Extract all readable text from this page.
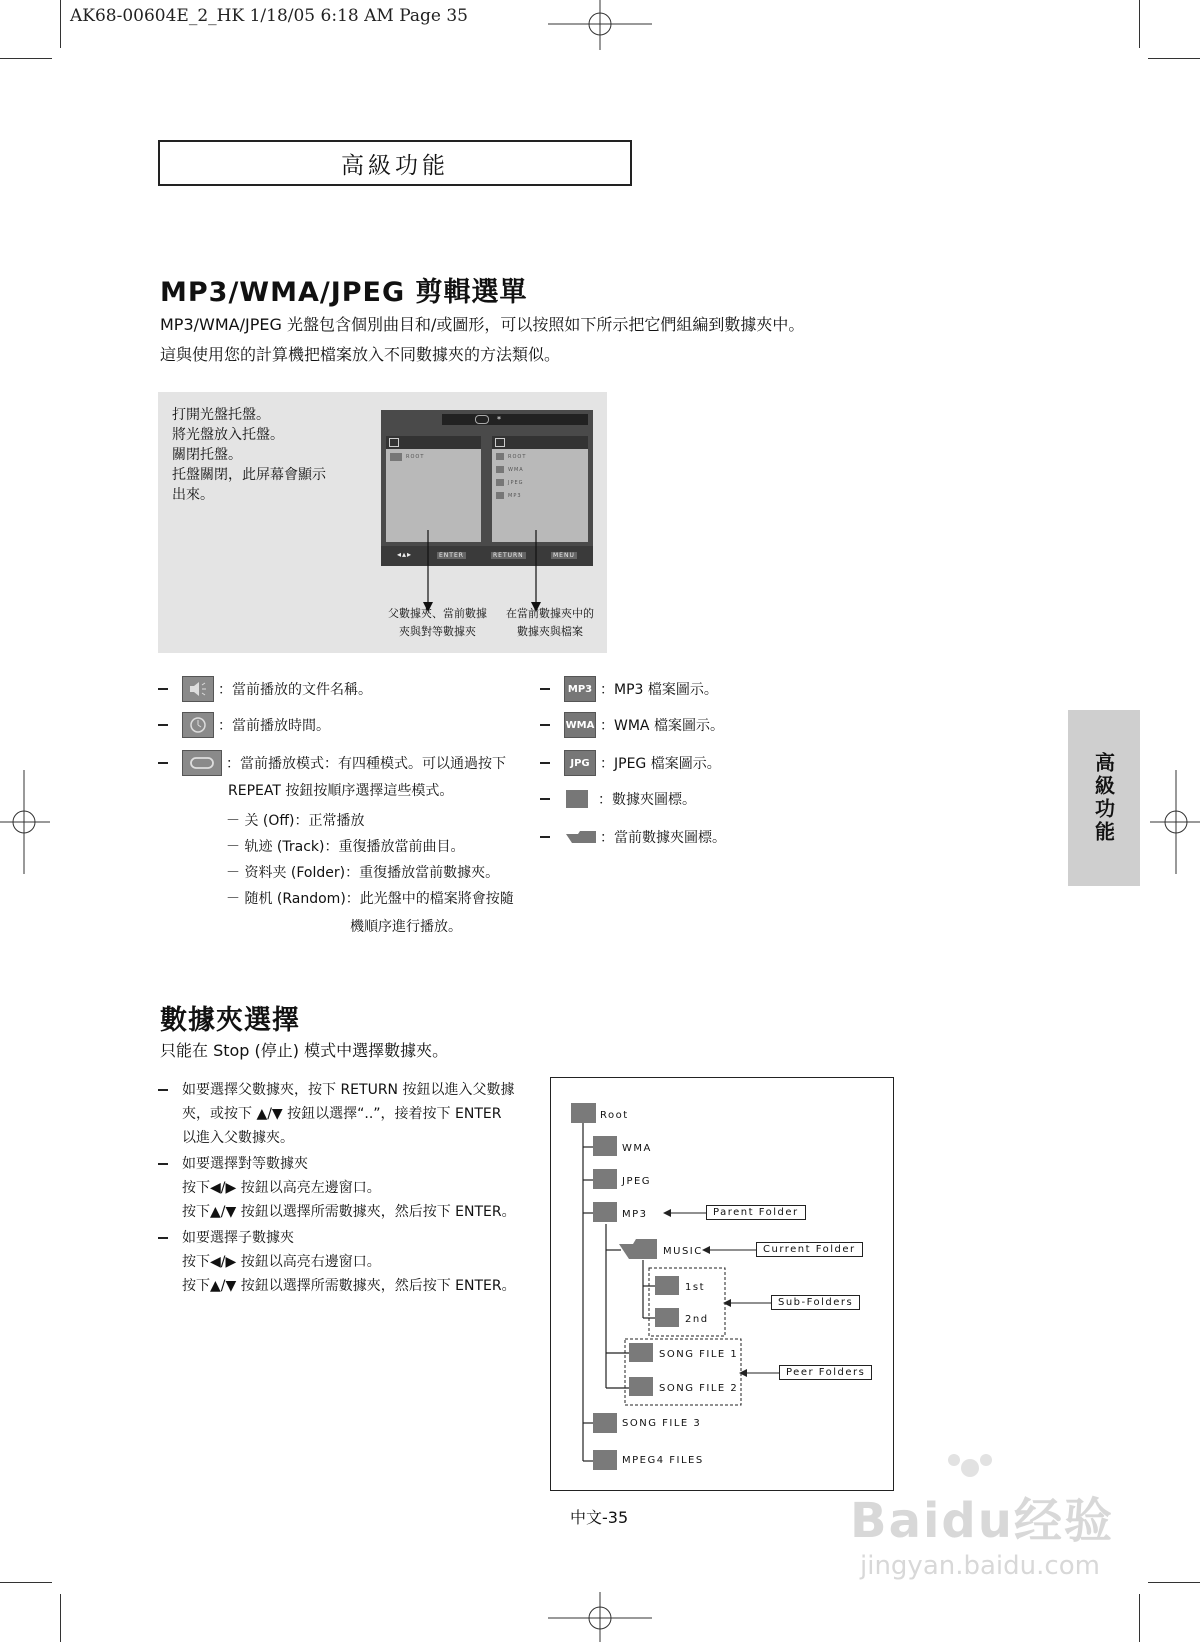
AK68-00604E_2_HK 1/18/05 6:18 AM Page 35
高級功能
高級功能
MP3/WMA/JPEG 剪輯選單
MP3/WMA/JPEG 光盤包含個別曲目和/或圖形，可以按照如下所示把它們組編到數據夾中。
這與使用您的計算機把檔案放入不同數據夾的方法類似。
打開光盤托盤。
將光盤放入托盤。
關閉托盤。
托盤關閉，此屏幕會顯示
出來。
*
ROOT	ROOT
WMA
JPEG
MP3
◂▴▸	ENTER	RETURN	MENU
父數據夾、當前數據
夾與對等數據夾
在當前數據夾中的
數據夾與檔案
：當前播放的文件名稱。
：當前播放時間。
：當前播放模式：有四種模式。可以通過按下
REPEAT 按鈕按順序選擇這些模式。
－ 关 (Off)：正常播放
－ 轨迹 (Track)：重復播放當前曲目。
－ 资料夹 (Folder)：重復播放當前數據夾。
－ 随机 (Random)：此光盤中的檔案將會按隨
機順序進行播放。
MP3 ：MP3 檔案圖示。
WMA ：WMA 檔案圖示。
JPG ：JPEG 檔案圖示。
：數據夾圖標。
：當前數據夾圖標。
數據夾選擇
只能在 Stop (停止) 模式中選擇數據夾。
如要選擇父數據夾，按下 RETURN 按鈕以進入父數據
夾，或按下 ▲/▼ 按鈕以選擇“..”，接着按下 ENTER
以進入父數據夾。
如要選擇對等數據夾
按下◀/▶ 按鈕以高亮左邊窗口。
按下▲/▼ 按鈕以選擇所需數據夾，然后按下 ENTER。
如要選擇子數據夾
按下◀/▶ 按鈕以高亮右邊窗口。
按下▲/▼ 按鈕以選擇所需數據夾，然后按下 ENTER。
Root
WMA
JPEG
MP3
MUSIC
1st
2nd
SONG FILE 1
SONG FILE 2
SONG FILE 3
MPEG4 FILES
Parent Folder
Current Folder
Sub-Folders
Peer Folders
中文-35	Baidu经验
jingyan.baidu.com
